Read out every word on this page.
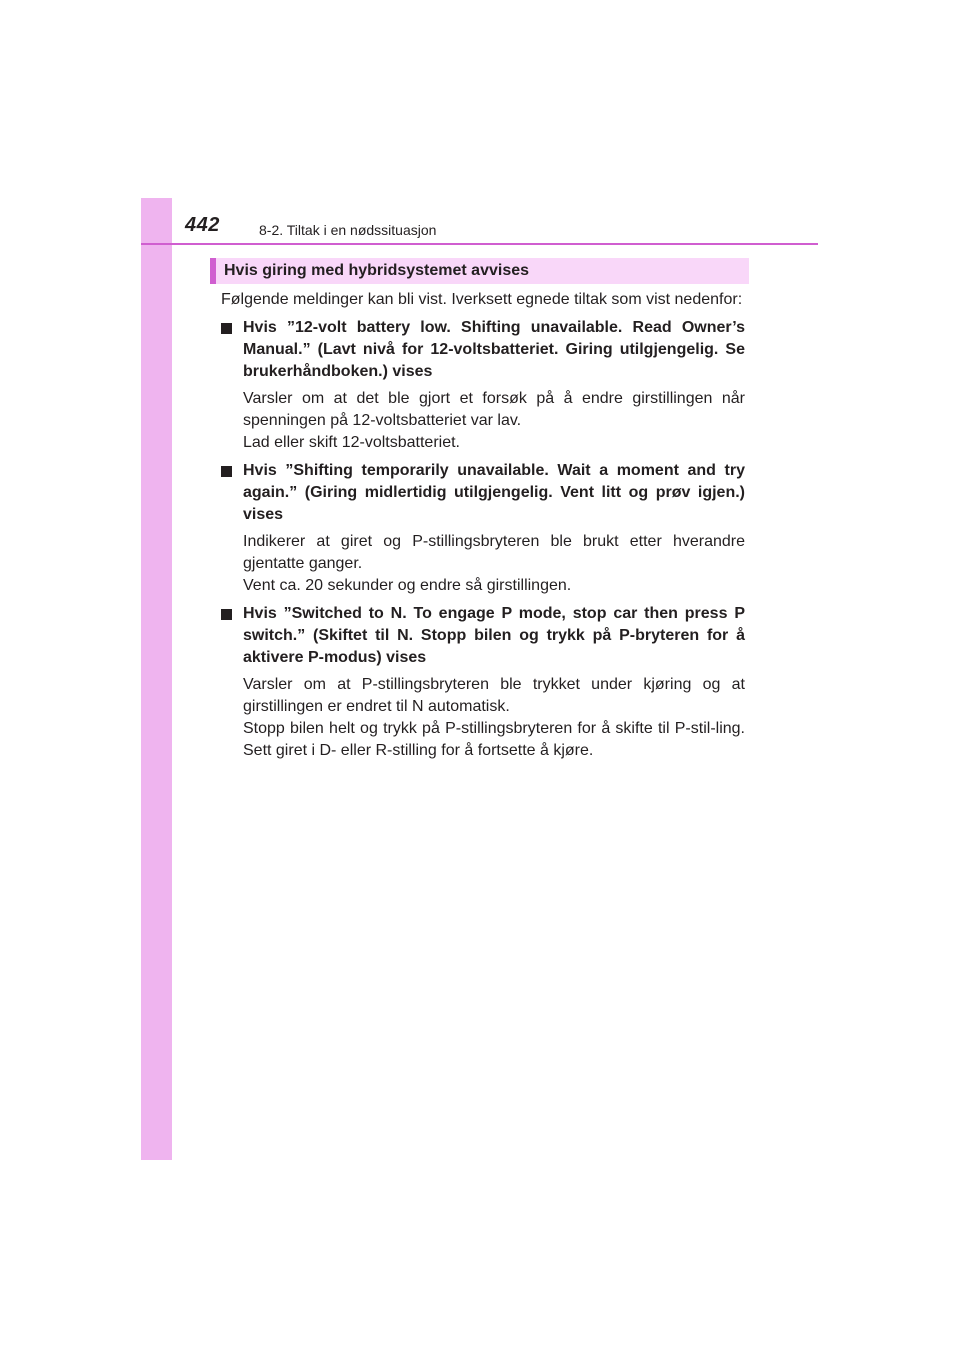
442	8-2. Tiltak i en nødssituasjon
Hvis giring med hybridsystemet avvises

Følgende meldinger kan bli vist. Iverksett egnede tiltak som vist nedenfor:

Hvis ”12-volt battery low. Shifting unavailable. Read Owner’s Manual.” (Lavt nivå for 12-voltsbatteriet. Giring utilgjengelig. Se brukerhåndboken.) vises

Varsler om at det ble gjort et forsøk på å endre girstillingen når spenningen på 12-voltsbatteriet var lav.

Lad eller skift 12-voltsbatteriet.

Hvis ”Shifting temporarily unavailable. Wait a moment and try again.” (Giring midlertidig utilgjengelig. Vent litt og prøv igjen.) vises

Indikerer at giret og P-stillingsbryteren ble brukt etter hverandre gjentatte ganger.

Vent ca. 20 sekunder og endre så girstillingen.

Hvis ”Switched to N. To engage P mode, stop car then press P switch.” (Skiftet til N. Stopp bilen og trykk på P-bryteren for å aktivere P-modus) vises

Varsler om at P-stillingsbryteren ble trykket under kjøring og at girstillingen er endret til N automatisk.

Stopp bilen helt og trykk på P-stillingsbryteren for å skifte til P-stil-ling. Sett giret i D- eller R-stilling for å fortsette å kjøre.
